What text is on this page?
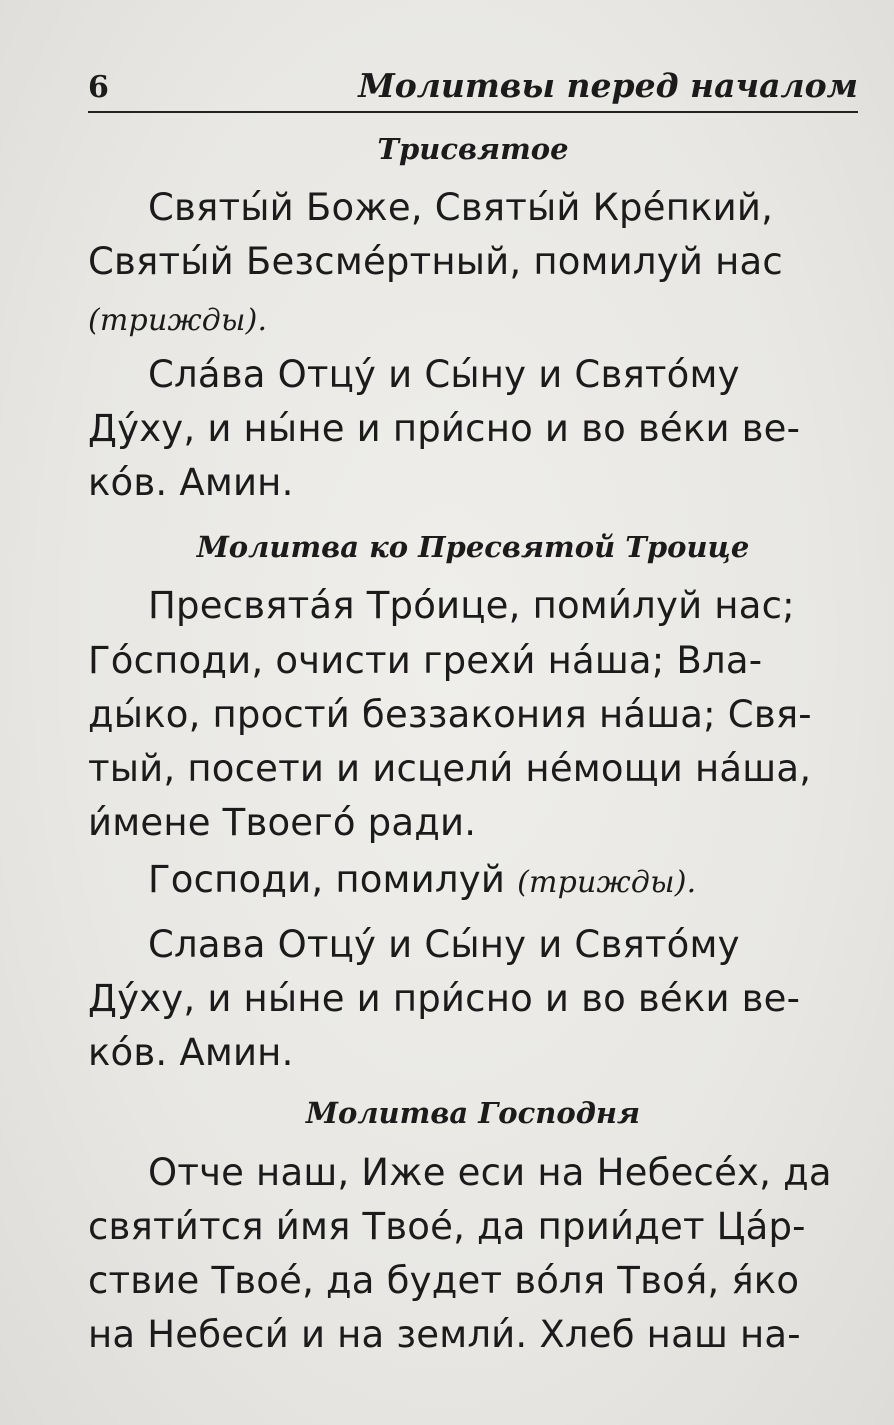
6	Молитвы перед началом
Трисвятое
Святы́й Боже, Святы́й Кре́пкий,
Святы́й Безсме́ртный, помилуй нас
(трижды).
Сла́ва Отцу́ и Сы́ну и Свято́му
Ду́ху, и ны́не и при́сно и во ве́ки ве-
ко́в. Амин.
Молитва ко Пресвятой Троице
Пресвята́я Тро́ице, поми́луй нас;
Го́споди, очисти грехи́ на́ша; Вла-
ды́ко, прости́ беззакония на́ша; Свя-
тый, посети и исцели́ не́мощи на́ша,
и́мене Твоего́ ради.
Господи, помилуй (трижды).
Слава Отцу́ и Сы́ну и Свято́му
Ду́ху, и ны́не и при́сно и во ве́ки ве-
ко́в. Амин.
Молитва Господня
Отче наш, Иже еси на Небесе́х, да
святи́тся и́мя Твое́, да прии́дет Ца́р-
ствие Твое́, да будет во́ля Твоя́, я́ко
на Небеси́ и на земли́. Хлеб наш на-
